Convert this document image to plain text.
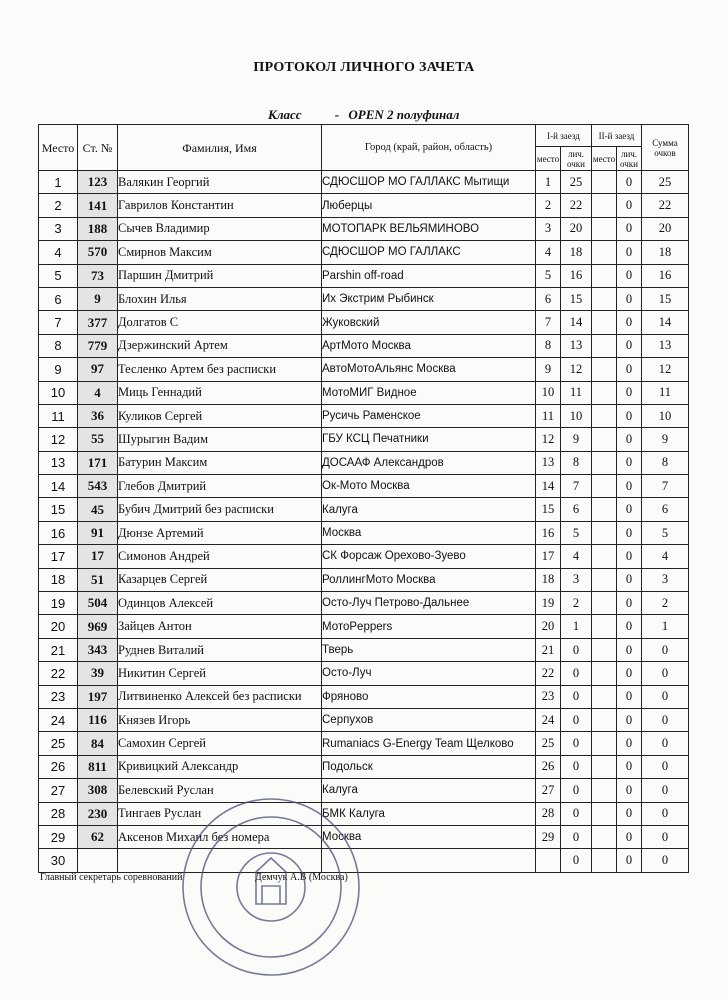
ПРОТОКОЛ ЛИЧНОГО ЗАЧЕТА
Класс	- OPEN 2 полуфинал
Место	Ст. №	Фамилия, Имя	Город (край, район, область)	I-й заезд		II-й заезд		Сумма очков
				место	лич. очки	место	лич. очки	
1	123	Валякин Георгий	СДЮСШОР МО ГАЛЛАКС Мытищи	1	25		0	25
2	141	Гаврилов Константин	Люберцы	2	22		0	22
3	188	Сычев Владимир	МОТОПАРК ВЕЛЬЯМИНОВО	3	20		0	20
4	570	Смирнов Максим	СДЮСШОР МО ГАЛЛАКС	4	18		0	18
5	73	Паршин Дмитрий	Parshin off-road	5	16		0	16
6	9	Блохин Илья	Их Экстрим Рыбинск	6	15		0	15
7	377	Долгатов С	Жуковский	7	14		0	14
8	779	Дзержинский Артем	АртМото Москва	8	13		0	13
9	97	Тесленко Артем без расписки	АвтоМотоАльянс Москва	9	12		0	12
10	4	Миць Геннадий	МотоМИГ Видное	10	11		0	11
11	36	Куликов Сергей	Русичь Раменское	11	10		0	10
12	55	Шурыгин Вадим	ГБУ КСЦ Печатники	12	9		0	9
13	171	Батурин Максим	ДОСААФ Александров	13	8		0	8
14	543	Глебов Дмитрий	Ок-Мото Москва	14	7		0	7
15	45	Бубич Дмитрий без расписки	Калуга	15	6		0	6
16	91	Дюнзе Артемий	Москва	16	5		0	5
17	17	Симонов Андрей	СК Форсаж Орехово-Зуево	17	4		0	4
18	51	Казарцев Сергей	РоллингМото Москва	18	3		0	3
19	504	Одинцов Алексей	Осто-Луч Петрово-Дальнее	19	2		0	2
20	969	Зайцев Антон	МотоPeppers	20	1		0	1
21	343	Руднев Виталий	Тверь	21	0		0	0
22	39	Никитин Сергей	Осто-Луч	22	0		0	0
23	197	Литвиненко Алексей без расписки	Фряново	23	0		0	0
24	116	Князев Игорь	Серпухов	24	0		0	0
25	84	Самохин Сергей	Rumaniacs G-Energy Team Щелково	25	0		0	0
26	811	Кривицкий Александр	Подольск	26	0		0	0
27	308	Белевский Руслан	Калуга	27	0		0	0
28	230	Тингаев Руслан	БМК Калуга	28	0		0	0
29	62	Аксенов Михаил без номера	Москва	29	0		0	0
30					0		0	0
Главный секретарь соревнований	Демчук А.В (Москва)
